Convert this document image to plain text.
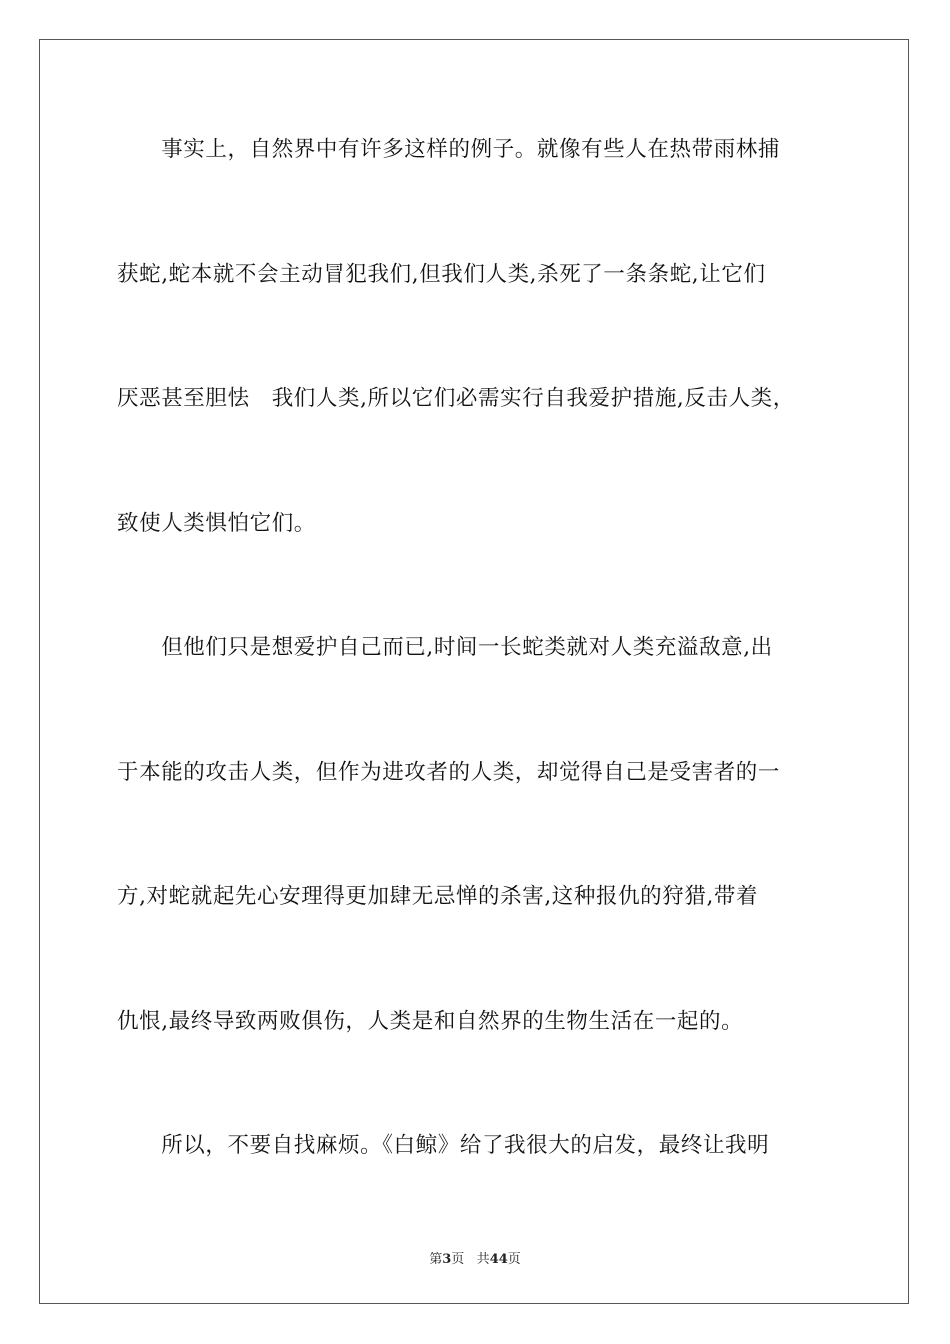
　　事实上，自然界中有许多这样的例子。就像有些人在热带雨林捕

获蛇,蛇本就不会主动冒犯我们,但我们人类,杀死了一条条蛇,让它们

厌恶甚至胆怯　我们人类,所以它们必需实行自我爱护措施,反击人类，

致使人类惧怕它们。

　　但他们只是想爱护自己而已,时间一长蛇类就对人类充溢敌意,出

于本能的攻击人类，但作为进攻者的人类，却觉得自己是受害者的一

方,对蛇就起先心安理得更加肆无忌惮的杀害,这种报仇的狩猎,带着

仇恨,最终导致两败俱伤，人类是和自然界的生物生活在一起的。

　　所以，不要自找麻烦。《白鲸》给了我很大的启发，最终让我明

第3页 共44页
